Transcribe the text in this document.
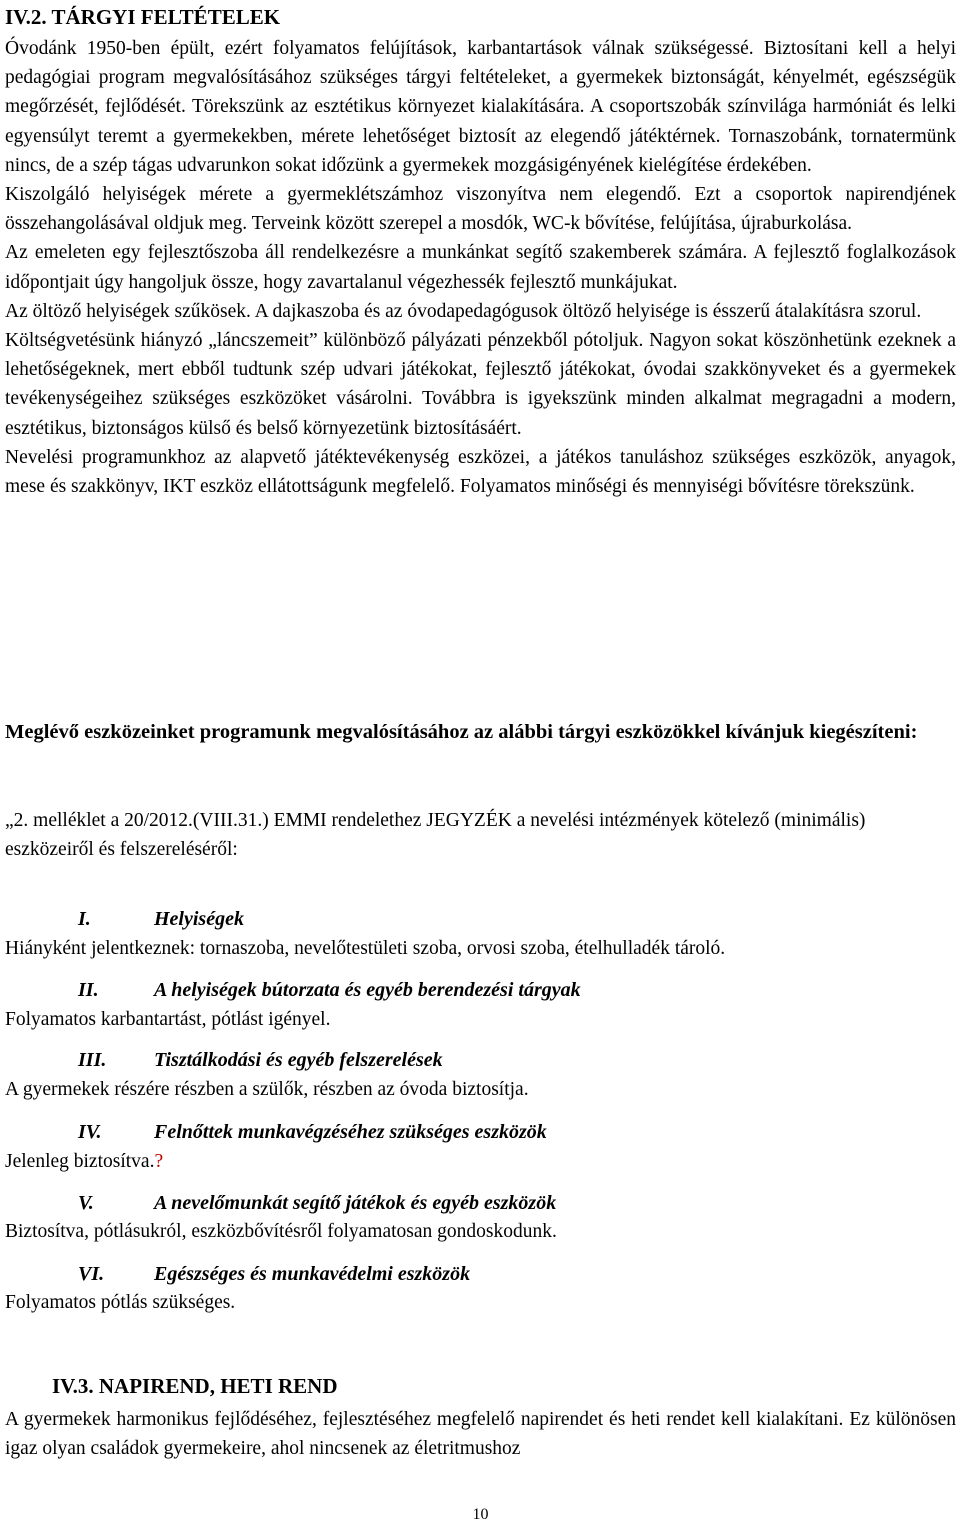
IV.2. TÁRGYI FELTÉTELEK

Óvodánk 1950-ben épült, ezért folyamatos felújítások, karbantartások válnak szükségessé. Biztosítani kell a helyi pedagógiai program megvalósításához szükséges tárgyi feltételeket, a gyermekek biztonságát, kényelmét, egészségük megőrzését, fejlődését. Törekszünk az esztétikus környezet kialakítására. A csoportszobák színvilága harmóniát és lelki egyensúlyt teremt a gyermekekben, mérete lehetőséget biztosít az elegendő játéktérnek. Tornaszobánk, tornatermünk nincs, de a szép tágas udvarunkon sokat időzünk a gyermekek mozgásigényének kielégítése érdekében.

Kiszolgáló helyiségek mérete a gyermeklétszámhoz viszonyítva nem elegendő. Ezt a csoportok napirendjének összehangolásával oldjuk meg. Terveink között szerepel a mosdók, WC-k bővítése, felújítása, újraburkolása.

Az emeleten egy fejlesztőszoba áll rendelkezésre a munkánkat segítő szakemberek számára. A fejlesztő foglalkozások időpontjait úgy hangoljuk össze, hogy zavartalanul végezhessék fejlesztő munkájukat.

Az öltöző helyiségek szűkösek. A dajkaszoba és az óvodapedagógusok öltöző helyisége is ésszerű átalakításra szorul.

Költségvetésünk hiányzó „láncszemeit” különböző pályázati pénzekből pótoljuk. Nagyon sokat köszönhetünk ezeknek a lehetőségeknek, mert ebből tudtunk szép udvari játékokat, fejlesztő játékokat, óvodai szakkönyveket és a gyermekek tevékenységeihez szükséges eszközöket vásárolni. Továbbra is igyekszünk minden alkalmat megragadni a modern, esztétikus, biztonságos külső és belső környezetünk biztosításáért.

Nevelési programunkhoz az alapvető játéktevékenység eszközei, a játékos tanuláshoz szükséges eszközök, anyagok, mese és szakkönyv, IKT eszköz ellátottságunk megfelelő. Folyamatos minőségi és mennyiségi bővítésre törekszünk.

Meglévő eszközeinket programunk megvalósításához az alábbi tárgyi eszközökkel kívánjuk kiegészíteni:

„2. melléklet a 20/2012.(VIII.31.) EMMI rendelethez JEGYZÉK a nevelési intézmények kötelező (minimális) eszközeiről és felszereléséről:

I.	Helyiségek
Hiányként jelentkeznek: tornaszoba, nevelőtestületi szoba, orvosi szoba, ételhulladék tároló.
II.	A helyiségek bútorzata és egyéb berendezési tárgyak
Folyamatos karbantartást, pótlást igényel.
III. Tisztálkodási és egyéb felszerelések
A gyermekek részére részben a szülők, részben az óvoda biztosítja.
IV.	Felnőttek munkavégzéséhez szükséges eszközök
Jelenleg biztosítva.?
V.	A nevelőmunkát segítő játékok és egyéb eszközök
Biztosítva, pótlásukról, eszközbővítésről folyamatosan gondoskodunk.
VI. Egészséges és munkavédelmi eszközök
Folyamatos pótlás szükséges.
IV.3. NAPIREND, HETI REND

A gyermekek harmonikus fejlődéséhez, fejlesztéséhez megfelelő napirendet és heti rendet kell kialakítani. Ez különösen igaz olyan családok gyermekeire, ahol nincsenek az életritmushoz

10
